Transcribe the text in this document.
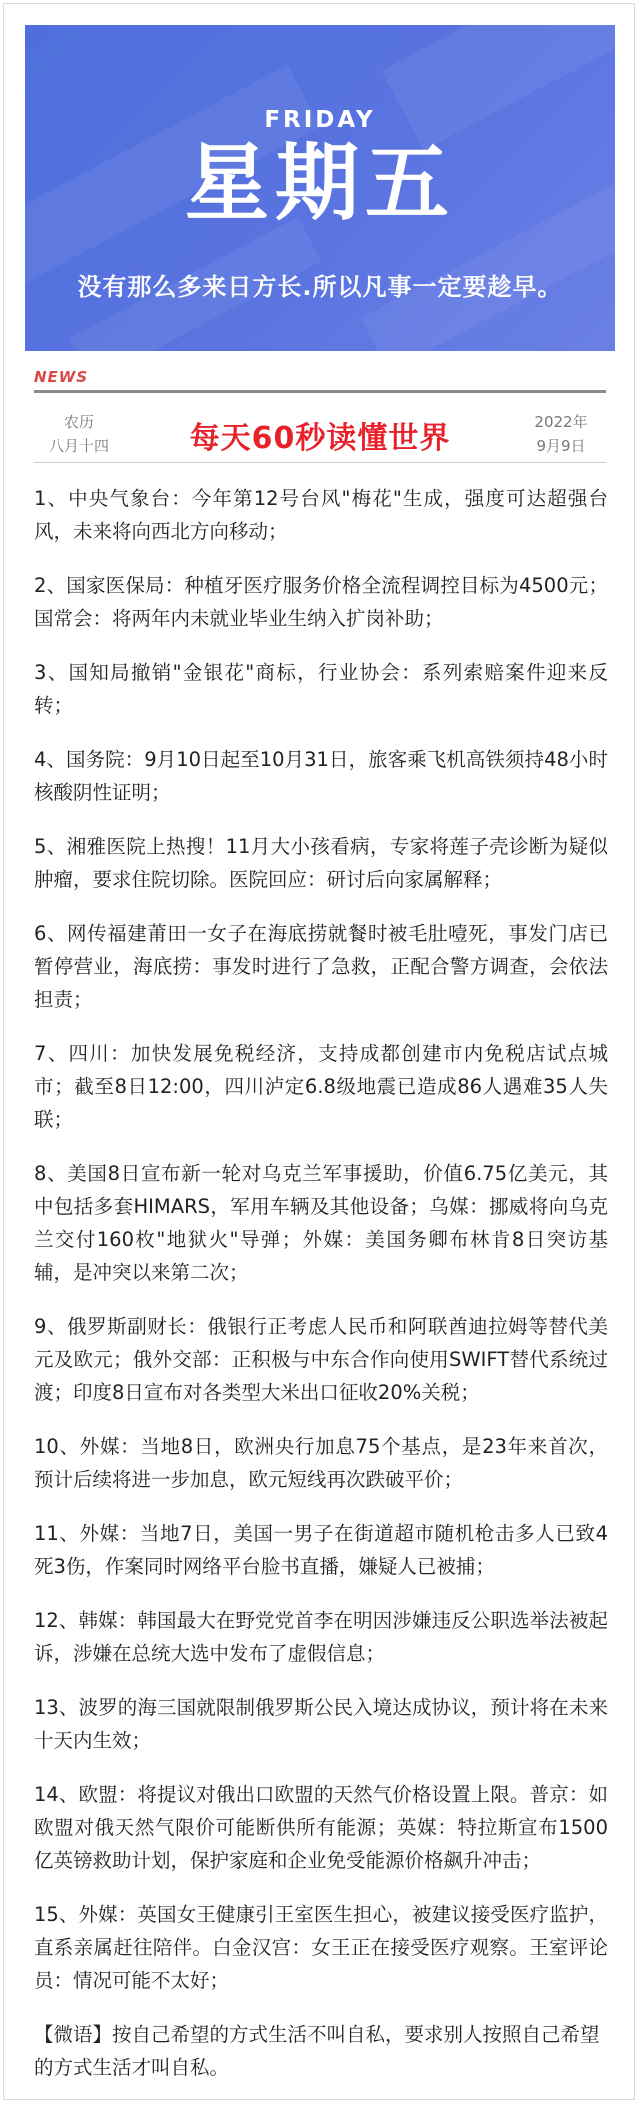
FRIDAY
星期五
没有那么多来日方长.所以凡事一定要趁早。
NEWS
农历
八月十四	每天60秒读懂世界	2022年
9月9日

1、中央气象台：今年第12号台风"梅花"生成，强度可达超强台风，未来将向西北方向移动；

2、国家医保局：种植牙医疗服务价格全流程调控目标为4500元；国常会：将两年内未就业毕业生纳入扩岗补助；

3、国知局撤销"金银花"商标，行业协会：系列索赔案件迎来反转；

4、国务院：9月10日起至10月31日，旅客乘飞机高铁须持48小时核酸阴性证明；

5、湘雅医院上热搜！11月大小孩看病，专家将莲子壳诊断为疑似肿瘤，要求住院切除。医院回应：研讨后向家属解释；

6、网传福建莆田一女子在海底捞就餐时被毛肚噎死，事发门店已暂停营业，海底捞：事发时进行了急救，正配合警方调查，会依法担责；

7、四川：加快发展免税经济，支持成都创建市内免税店试点城市；截至8日12:00，四川泸定6.8级地震已造成86人遇难35人失联；

8、美国8日宣布新一轮对乌克兰军事援助，价值6.75亿美元，其中包括多套HIMARS，军用车辆及其他设备；乌媒：挪威将向乌克兰交付160枚"地狱火"导弹；外媒：美国务卿布林肯8日突访基辅，是冲突以来第二次；

9、俄罗斯副财长：俄银行正考虑人民币和阿联酋迪拉姆等替代美元及欧元；俄外交部：正积极与中东合作向使用SWIFT替代系统过渡；印度8日宣布对各类型大米出口征收20%关税；

10、外媒：当地8日，欧洲央行加息75个基点，是23年来首次，预计后续将进一步加息，欧元短线再次跌破平价；

11、外媒：当地7日，美国一男子在街道超市随机枪击多人已致4死3伤，作案同时网络平台脸书直播，嫌疑人已被捕；

12、韩媒：韩国最大在野党党首李在明因涉嫌违反公职选举法被起诉，涉嫌在总统大选中发布了虚假信息；

13、波罗的海三国就限制俄罗斯公民入境达成协议，预计将在未来十天内生效；

14、欧盟：将提议对俄出口欧盟的天然气价格设置上限。普京：如欧盟对俄天然气限价可能断供所有能源；英媒：特拉斯宣布1500亿英镑救助计划，保护家庭和企业免受能源价格飙升冲击；

15、外媒：英国女王健康引王室医生担心，被建议接受医疗监护，直系亲属赶往陪伴。白金汉宫：女王正在接受医疗观察。王室评论员：情况可能不太好；

【微语】按自己希望的方式生活不叫自私，要求别人按照自己希望的方式生活才叫自私。
